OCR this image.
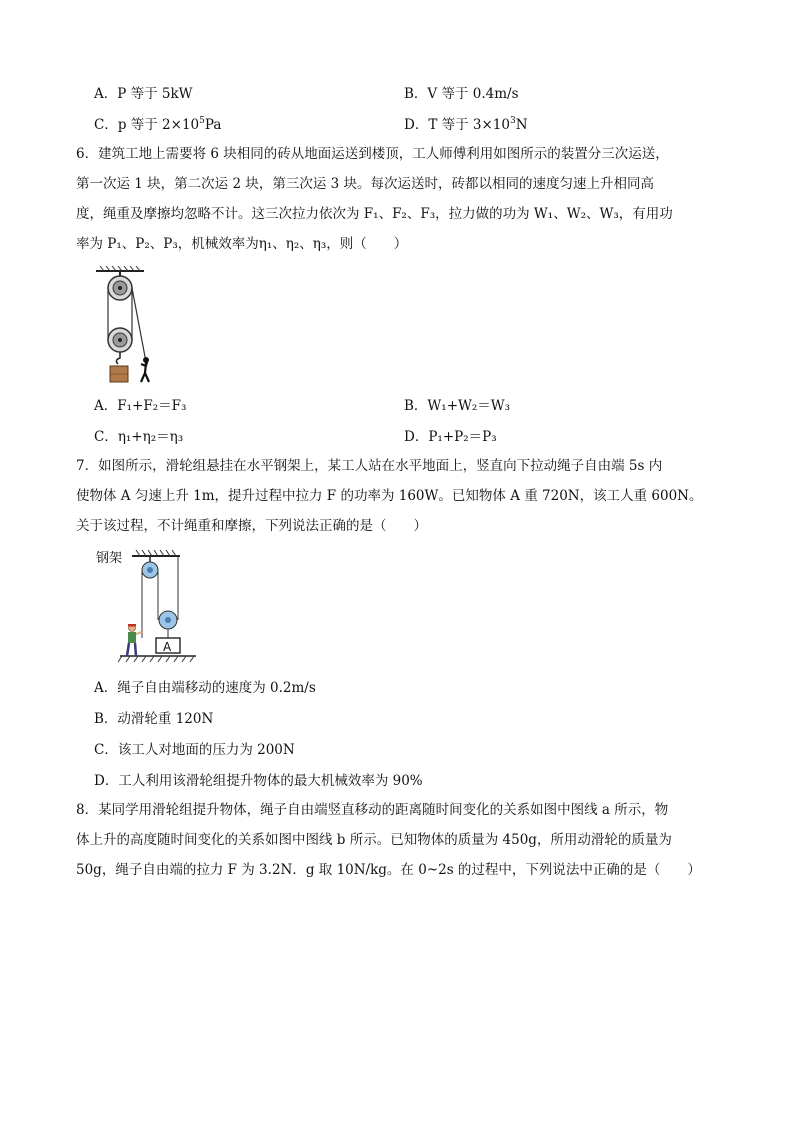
A．P 等于 5kW	B．V 等于 0.4m/s
C．p 等于 $2\times 10^5Pa$	D．T 等于 $3\times 10^3N$
6．建筑工地上需要将 6 块相同的砖从地面运送到楼顶，工人师傅利用如图所示的装置分三次运送，
第一次运 1 块，第二次运 2 块，第三次运 3 块。每次运送时，砖都以相同的速度匀速上升相同高
度，绳重及摩擦均忽略不计。这三次拉力依次为 F₁、F₂、F₃，拉力做的功为 W₁、W₂、W₃，有用功
率为 P₁、P₂、P₃，机械效率为η₁、η₂、η₃，则（　　）
A．F₁+F₂＝F₃	B．W₁+W₂＝W₃
C．η₁+η₂＝η₃	D．P₁+P₂＝P₃
7．如图所示，滑轮组悬挂在水平钢架上，某工人站在水平地面上，竖直向下拉动绳子自由端 5s 内
使物体 A 匀速上升 1m，提升过程中拉力 F 的功率为 160W。已知物体 A 重 720N，该工人重 600N。
关于该过程，不计绳重和摩擦，下列说法正确的是（　　）
钢架
A
A．绳子自由端移动的速度为 0.2m/s
B．动滑轮重 120N
C．该工人对地面的压力为 200N
D．工人利用该滑轮组提升物体的最大机械效率为 90%
8．某同学用滑轮组提升物体，绳子自由端竖直移动的距离随时间变化的关系如图中图线 a 所示，物
体上升的高度随时间变化的关系如图中图线 b 所示。已知物体的质量为 450g，所用动滑轮的质量为
50g，绳子自由端的拉力 F 为 3.2N．g 取 10N/kg。在 0~2s 的过程中，下列说法中正确的是（　　）
